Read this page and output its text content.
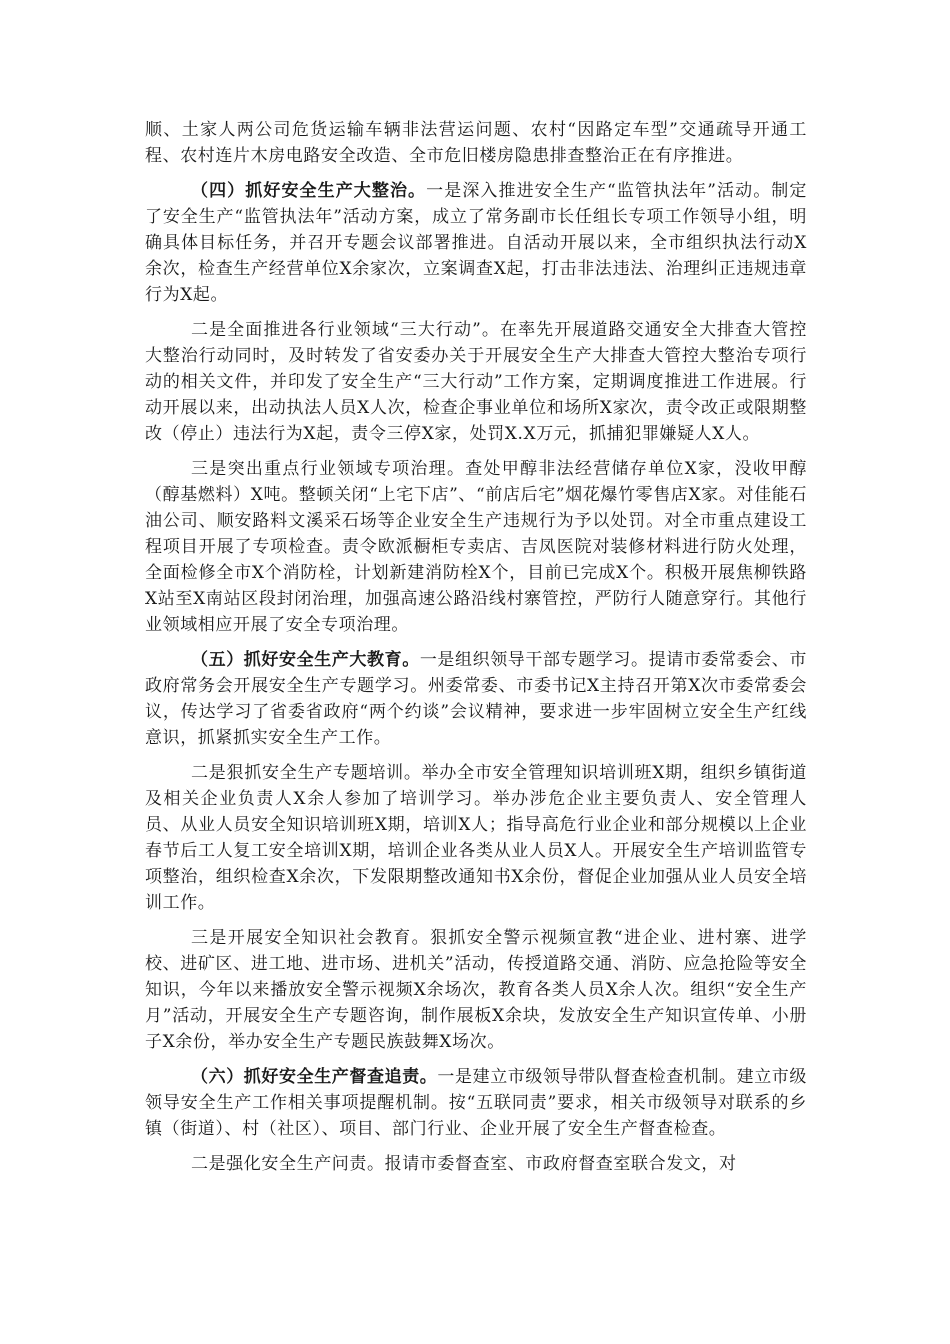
顺、土家人两公司危货运输车辆非法营运问题、农村“因路定车型”交通疏导开通工程、农村连片木房电路安全改造、全市危旧楼房隐患排查整治正在有序推进。

（四）抓好安全生产大整治。一是深入推进安全生产“监管执法年”活动。制定了安全生产“监管执法年”活动方案，成立了常务副市长任组长专项工作领导小组，明确具体目标任务，并召开专题会议部署推进。自活动开展以来，全市组织执法行动X余次，检查生产经营单位X余家次，立案调查X起，打击非法违法、治理纠正违规违章行为X起。

二是全面推进各行业领域“三大行动”。在率先开展道路交通安全大排查大管控大整治行动同时，及时转发了省安委办关于开展安全生产大排查大管控大整治专项行动的相关文件，并印发了安全生产“三大行动”工作方案，定期调度推进工作进展。行动开展以来，出动执法人员X人次，检查企事业单位和场所X家次，责令改正或限期整改（停止）违法行为X起，责令三停X家，处罚X.X万元，抓捕犯罪嫌疑人X人。

三是突出重点行业领域专项治理。查处甲醇非法经营储存单位X家，没收甲醇（醇基燃料）X吨。整顿关闭“上宅下店”、“前店后宅”烟花爆竹零售店X家。对佳能石油公司、顺安路料文溪采石场等企业安全生产违规行为予以处罚。对全市重点建设工程项目开展了专项检查。责令欧派橱柜专卖店、吉凤医院对装修材料进行防火处理，全面检修全市X个消防栓，计划新建消防栓X个，目前已完成X个。积极开展焦柳铁路X站至X南站区段封闭治理，加强高速公路沿线村寨管控，严防行人随意穿行。其他行业领域相应开展了安全专项治理。

（五）抓好安全生产大教育。一是组织领导干部专题学习。提请市委常委会、市政府常务会开展安全生产专题学习。州委常委、市委书记X主持召开第X次市委常委会议，传达学习了省委省政府“两个约谈”会议精神，要求进一步牢固树立安全生产红线意识，抓紧抓实安全生产工作。

二是狠抓安全生产专题培训。举办全市安全管理知识培训班X期，组织乡镇街道及相关企业负责人X余人参加了培训学习。举办涉危企业主要负责人、安全管理人员、从业人员安全知识培训班X期，培训X人；指导高危行业企业和部分规模以上企业春节后工人复工安全培训X期，培训企业各类从业人员X人。开展安全生产培训监管专项整治，组织检查X余次，下发限期整改通知书X余份，督促企业加强从业人员安全培训工作。

三是开展安全知识社会教育。狠抓安全警示视频宣教“进企业、进村寨、进学校、进矿区、进工地、进市场、进机关”活动，传授道路交通、消防、应急抢险等安全知识，今年以来播放安全警示视频X余场次，教育各类人员X余人次。组织“安全生产月”活动，开展安全生产专题咨询，制作展板X余块，发放安全生产知识宣传单、小册子X余份，举办安全生产专题民族鼓舞X场次。

（六）抓好安全生产督查追责。一是建立市级领导带队督查检查机制。建立市级领导安全生产工作相关事项提醒机制。按“五联同责”要求，相关市级领导对联系的乡镇（街道）、村（社区）、项目、部门行业、企业开展了安全生产督查检查。

二是强化安全生产问责。报请市委督查室、市政府督查室联合发文，对
